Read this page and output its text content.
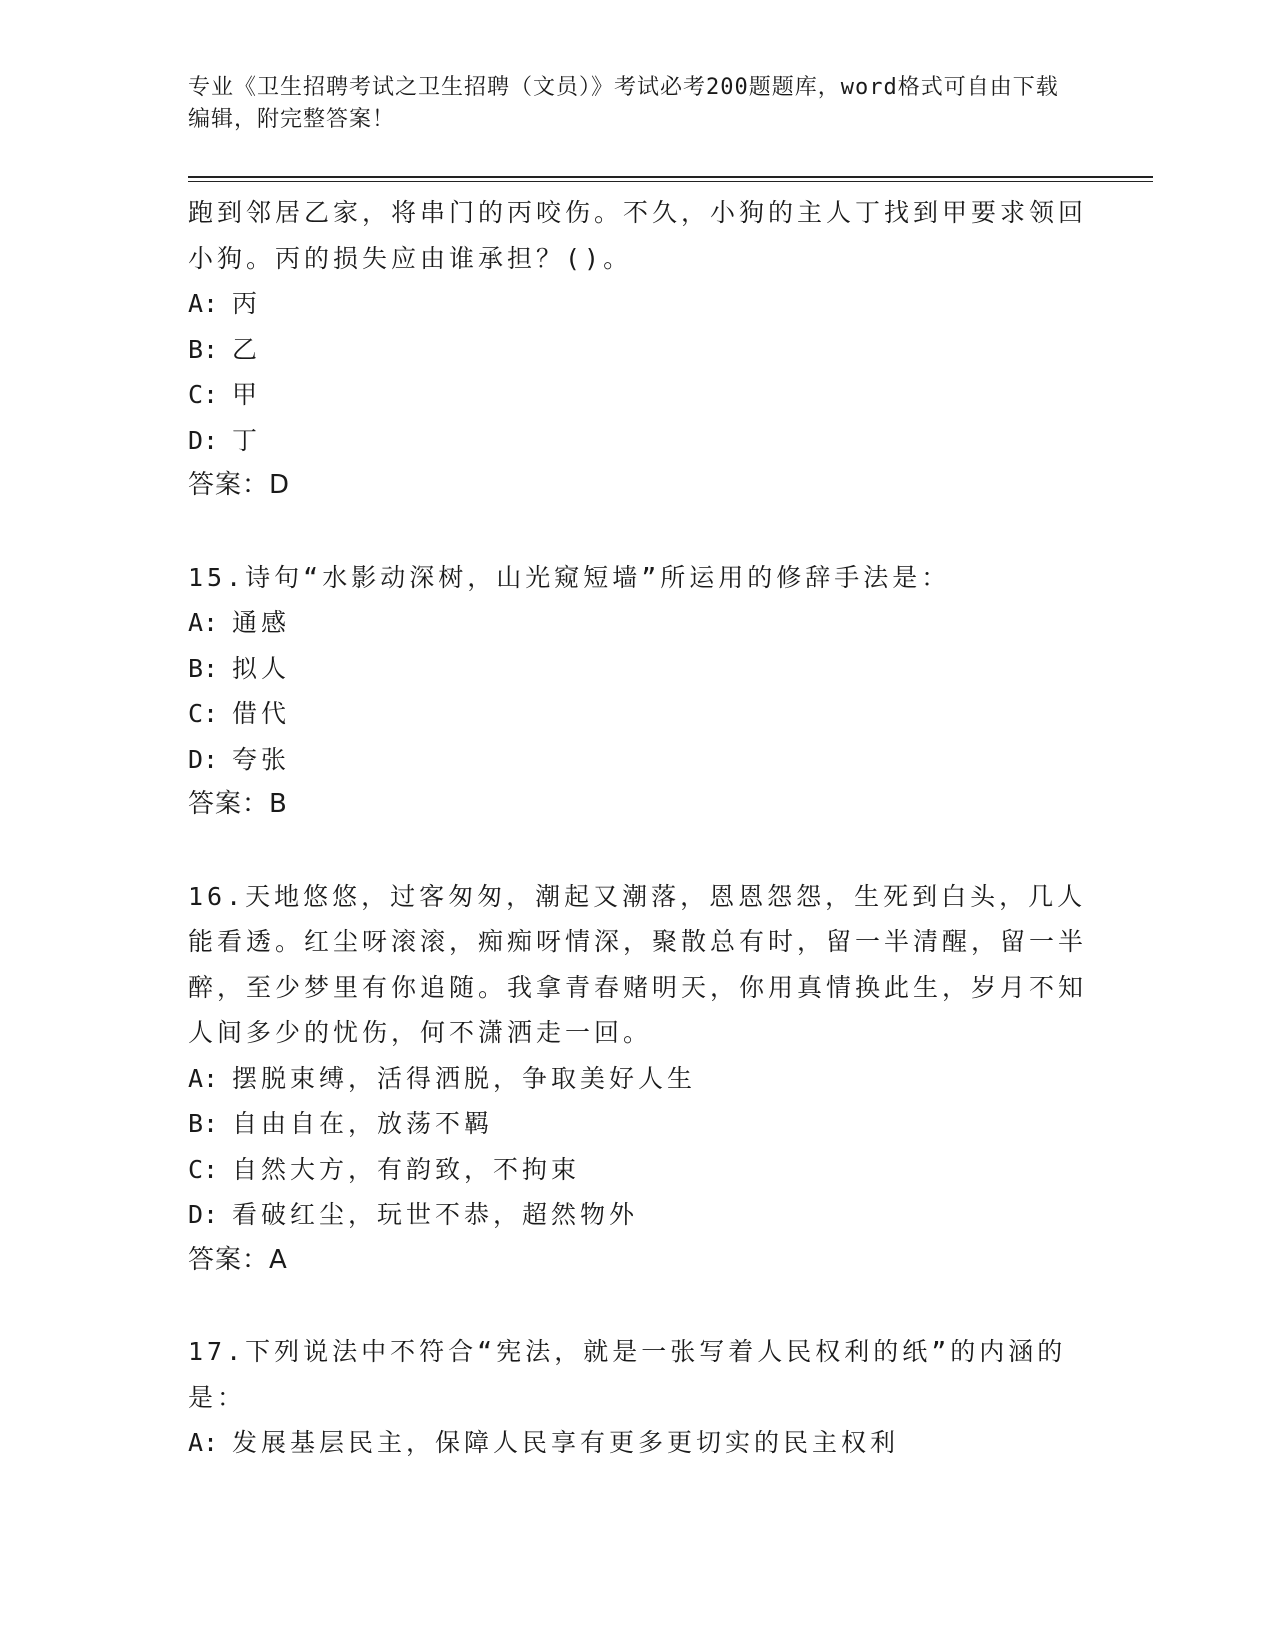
专业《卫生招聘考试之卫生招聘（文员）》考试必考200题题库，word格式可自由下载编辑，附完整答案！
跑到邻居乙家，将串门的丙咬伤。不久，小狗的主人丁找到甲要求领回小狗。丙的损失应由谁承担？()。
A: 丙
B: 乙
C: 甲
D: 丁
答案：D
15.诗句“水影动深树，山光窥短墙”所运用的修辞手法是：
A: 通感
B: 拟人
C: 借代
D: 夸张
答案：B
16.天地悠悠，过客匆匆，潮起又潮落，恩恩怨怨，生死到白头，几人能看透。红尘呀滚滚，痴痴呀情深，聚散总有时，留一半清醒，留一半醉，至少梦里有你追随。我拿青春赌明天，你用真情换此生，岁月不知人间多少的忧伤，何不潇洒走一回。
A: 摆脱束缚，活得洒脱，争取美好人生
B: 自由自在，放荡不羁
C: 自然大方，有韵致，不拘束
D: 看破红尘，玩世不恭，超然物外
答案：A
17.下列说法中不符合“宪法，就是一张写着人民权利的纸”的内涵的是：
A: 发展基层民主，保障人民享有更多更切实的民主权利
